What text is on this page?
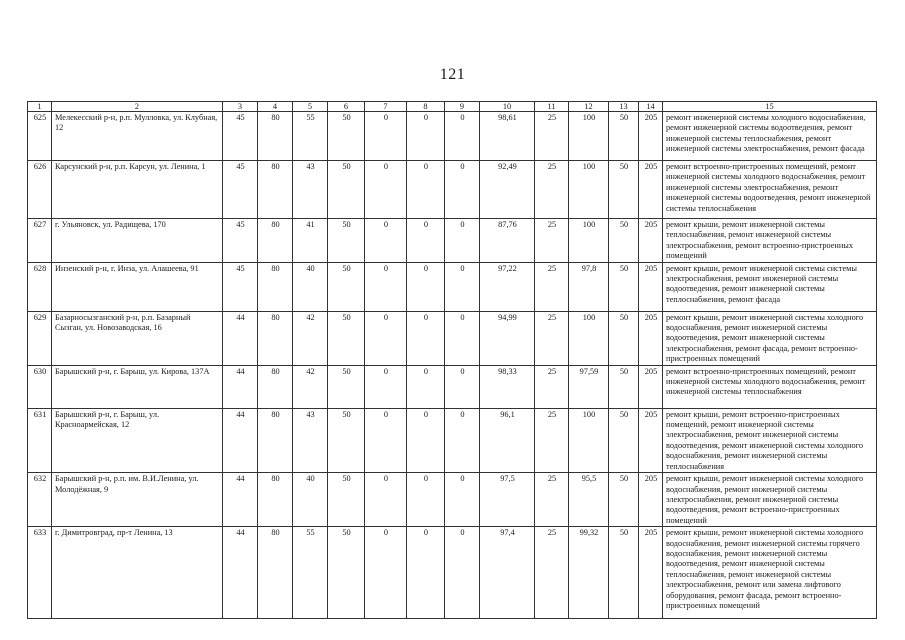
121
1	2	3	4	5	6	7	8	9	10	11	12	13	14	15
625	Мелекесский р-н, р.п. Мулловка, ул. Клубная, 12	45	80	55	50	0	0	0	98,61	25	100	50	205	ремонт инженерной системы холодного водоснабжения, ремонт инженерной системы водоотведения, ремонт инженерной системы теплоснабжения, ремонт инженерной системы электроснабжения, ремонт фасада
626	Карсунский р-н, р.п. Карсун, ул. Ленина, 1	45	80	43	50	0	0	0	92,49	25	100	50	205	ремонт встроенно-пристроенных помещений, ремонт инженерной системы холодного водоснабжения, ремонт инженерной системы электроснабжения, ремонт инженерной системы водоотведения, ремонт инженерной системы теплоснабжения
627	г. Ульяновск, ул. Радищева, 170	45	80	41	50	0	0	0	87,76	25	100	50	205	ремонт крыши, ремонт инженерной системы теплоснабжения, ремонт инженерной системы электроснабжения, ремонт встроенно-пристроенных помещений
628	Инзенский р-н, г. Инза, ул. Алашеева, 91	45	80	40	50	0	0	0	97,22	25	97,8	50	205	ремонт крыши, ремонт инженерной системы системы электроснабжения, ремонт инженерной системы водоотведения, ремонт инженерной системы теплоснабжения, ремонт фасада
629	Базарносызганский р-н, р.п. Базарный Сызган, ул. Новозаводская, 16	44	80	42	50	0	0	0	94,99	25	100	50	205	ремонт крыши, ремонт инженерной системы холодного водоснабжения, ремонт инженерной системы водоотведения, ремонт инженерной системы электроснабжения, ремонт фасада, ремонт встроенно-пристроенных помещений
630	Барышский р-н, г. Барыш, ул. Кирова, 137А	44	80	42	50	0	0	0	98,33	25	97,59	50	205	ремонт встроенно-пристроенных помещений, ремонт инженерной системы холодного водоснабжения, ремонт инженерной системы теплоснабжения
631	Барышский р-н, г. Барыш, ул. Красноармейская, 12	44	80	43	50	0	0	0	96,1	25	100	50	205	ремонт крыши, ремонт встроенно-пристроенных помещений, ремонт инженерной системы электроснабжения, ремонт инженерной системы водоотведения, ремонт инженерной системы холодного водоснабжения, ремонт инженерной системы теплоснабжения
632	Барышский р-н, р.п. им. В.И.Ленина, ул. Молодёжная, 9	44	80	40	50	0	0	0	97,5	25	95,5	50	205	ремонт крыши, ремонт инженерной системы холодного водоснабжения, ремонт инженерной системы электроснабжения, ремонт инженерной системы водоотведения, ремонт встроенно-пристроенных помещений
633	г. Димитровград, пр-т Ленина, 13	44	80	55	50	0	0	0	97,4	25	99,32	50	205	ремонт крыши, ремонт инженерной системы холодного водоснабжения, ремонт инженерной системы горячего водоснабжения, ремонт инженерной системы водоотведения, ремонт инженерной системы теплоснабжения, ремонт инженерной системы электроснабжения, ремонт или замена лифтового оборудования, ремонт фасада, ремонт встроенно-пристроенных помещений
